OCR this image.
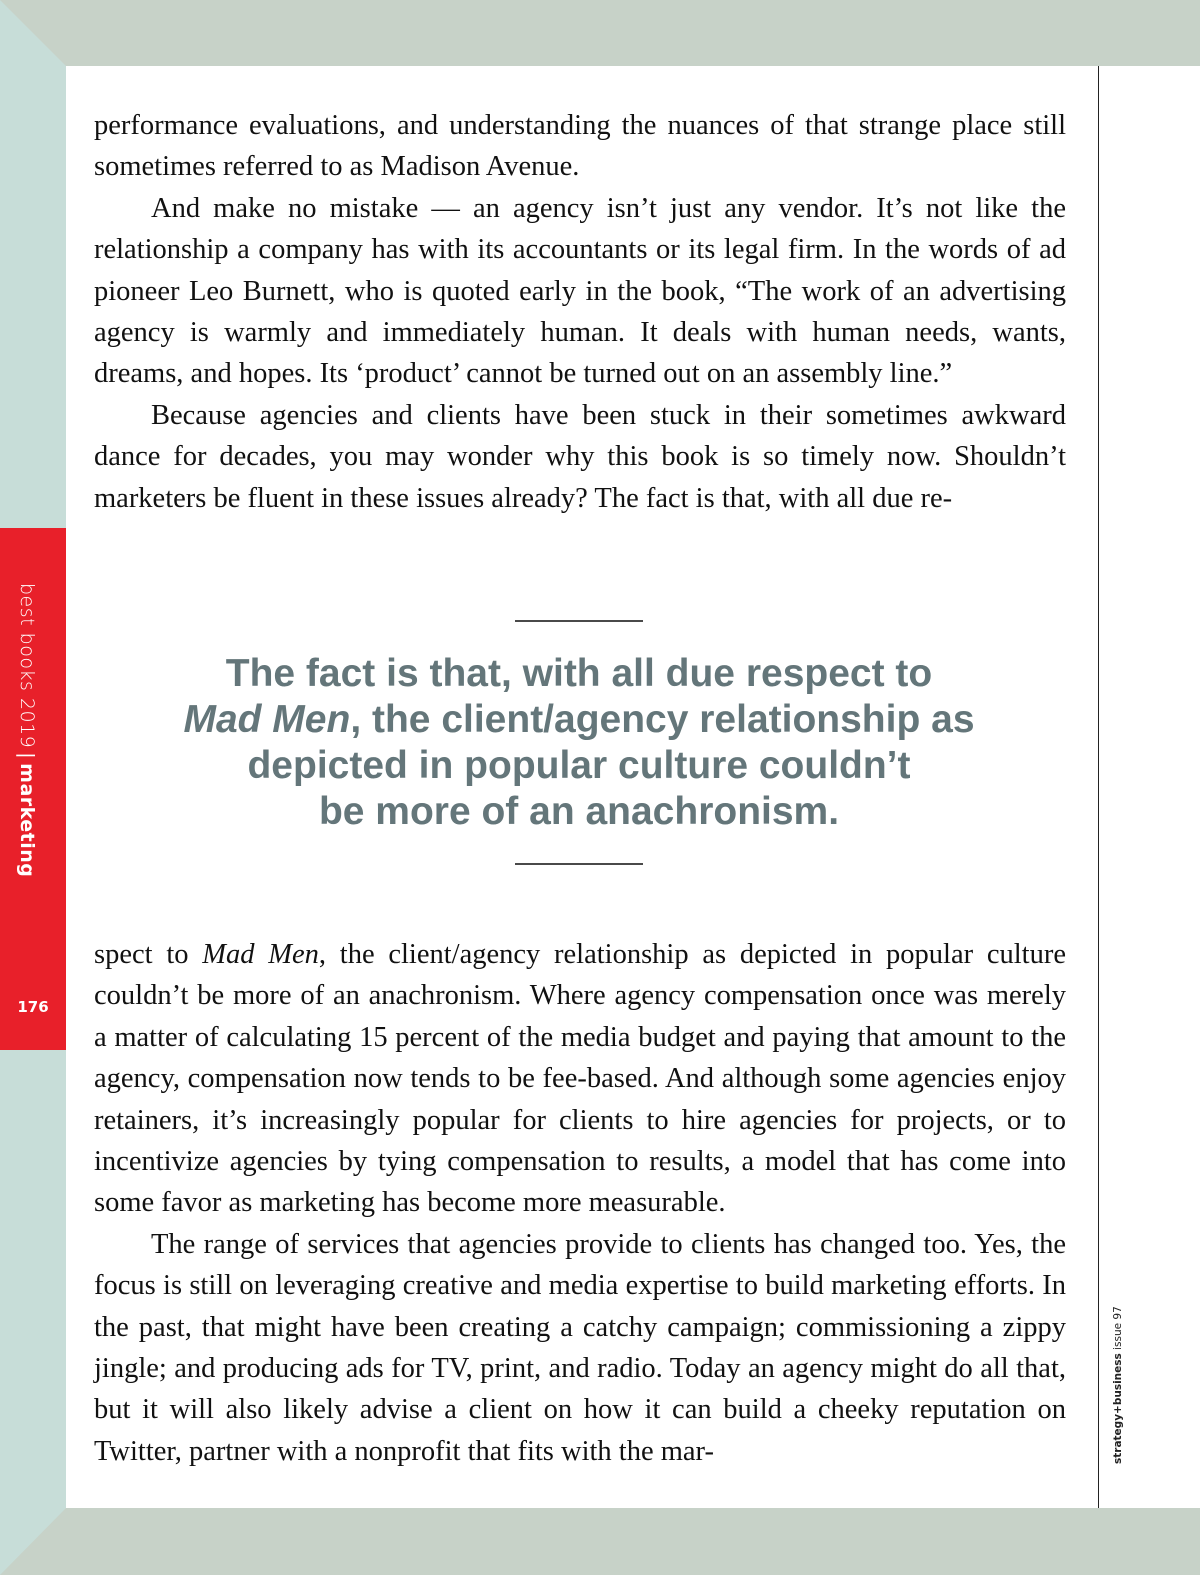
best books 2019|marketing
176
strategy+business issue 97

performance evaluations, and understanding the nuances of that strange place still sometimes referred to as Madison Avenue.

And make no mistake — an agency isn’t just any vendor. It’s not like the relationship a company has with its accountants or its legal firm. In the words of ad pioneer Leo Burnett, who is quoted early in the book, “The work of an advertising agency is warmly and immediately human. It deals with human needs, wants, dreams, and hopes. Its ‘product’ cannot be turned out on an assembly line.”

Because agencies and clients have been stuck in their sometimes awkward dance for decades, you may wonder why this book is so timely now. Shouldn’t marketers be fluent in these issues already? The fact is that, with all due re-

The fact is that, with all due respect to
Mad Men, the client/agency relationship as
depicted in popular culture couldn’t
be more of an anachronism.

spect to Mad Men, the client/agency relationship as depicted in popular culture couldn’t be more of an anachronism. Where agency compensation once was merely a matter of calculating 15 percent of the media budget and paying that amount to the agency, compensation now tends to be fee-based. And although some agencies enjoy retainers, it’s increasingly popular for clients to hire agencies for projects, or to incentivize agencies by tying compensation to results, a model that has come into some favor as marketing has become more measurable.

The range of services that agencies provide to clients has changed too. Yes, the focus is still on leveraging creative and media expertise to build marketing efforts. In the past, that might have been creating a catchy campaign; commissioning a zippy jingle; and producing ads for TV, print, and radio. Today an agency might do all that, but it will also likely advise a client on how it can build a cheeky reputation on Twitter, partner with a nonprofit that fits with the mar-
